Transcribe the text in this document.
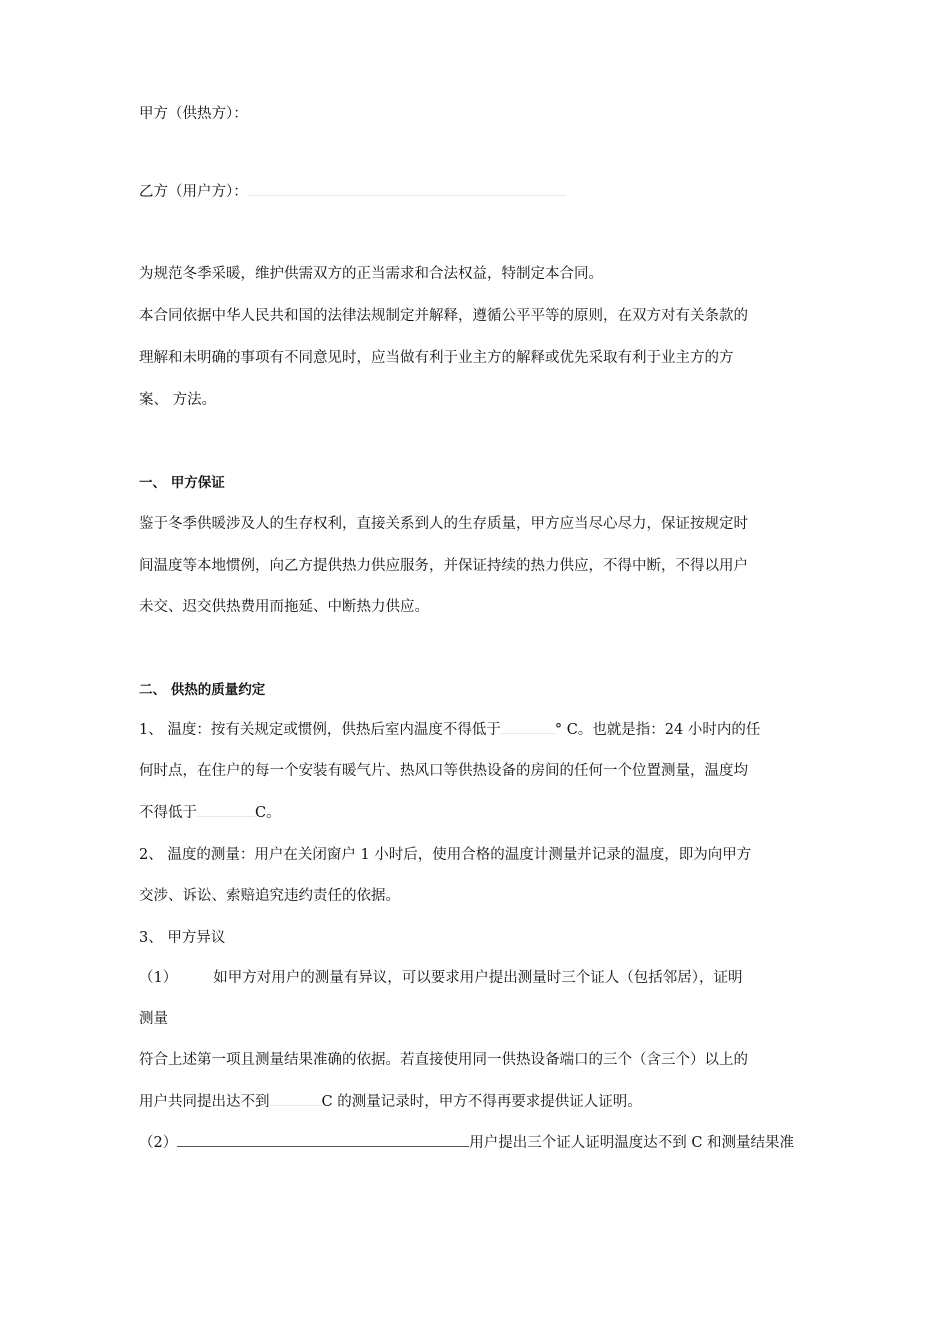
甲方（供热方）：
乙方（用户方）：
为规范冬季采暖，维护供需双方的正当需求和合法权益，特制定本合同。
本合同依据中华人民共和国的法律法规制定并解释，遵循公平平等的原则，在双方对有关条款的
理解和未明确的事项有不同意见时，应当做有利于业主方的解释或优先采取有利于业主方的方
案、 方法。
一、 甲方保证
鉴于冬季供暖涉及人的生存权利，直接关系到人的生存质量，甲方应当尽心尽力，保证按规定时
间温度等本地惯例，向乙方提供热力供应服务，并保证持续的热力供应，不得中断，不得以用户
未交、迟交供热费用而拖延、中断热力供应。
二、 供热的质量约定
1、 温度：按有关规定或惯例，供热后室内温度不得低于	° C。也就是指：24 小时内的任
何时点，在住户的每一个安装有暖气片、热风口等供热设备的房间的任何一个位置测量，温度均
不得低于	C。
2、 温度的测量：用户在关闭窗户 1 小时后，使用合格的温度计测量并记录的温度，即为向甲方
交涉、诉讼、索赔追究违约责任的依据。
3、 甲方异议
（1） 如甲方对用户的测量有异议，可以要求用户提出测量时三个证人（包括邻居），证明
测量
符合上述第一项且测量结果准确的依据。若直接使用同一供热设备端口的三个（含三个）以上的
用户共同提出达不到	C 的测量记录时，甲方不得再要求提供证人证明。
（2）	用户提出三个证人证明温度达不到 C 和测量结果准
